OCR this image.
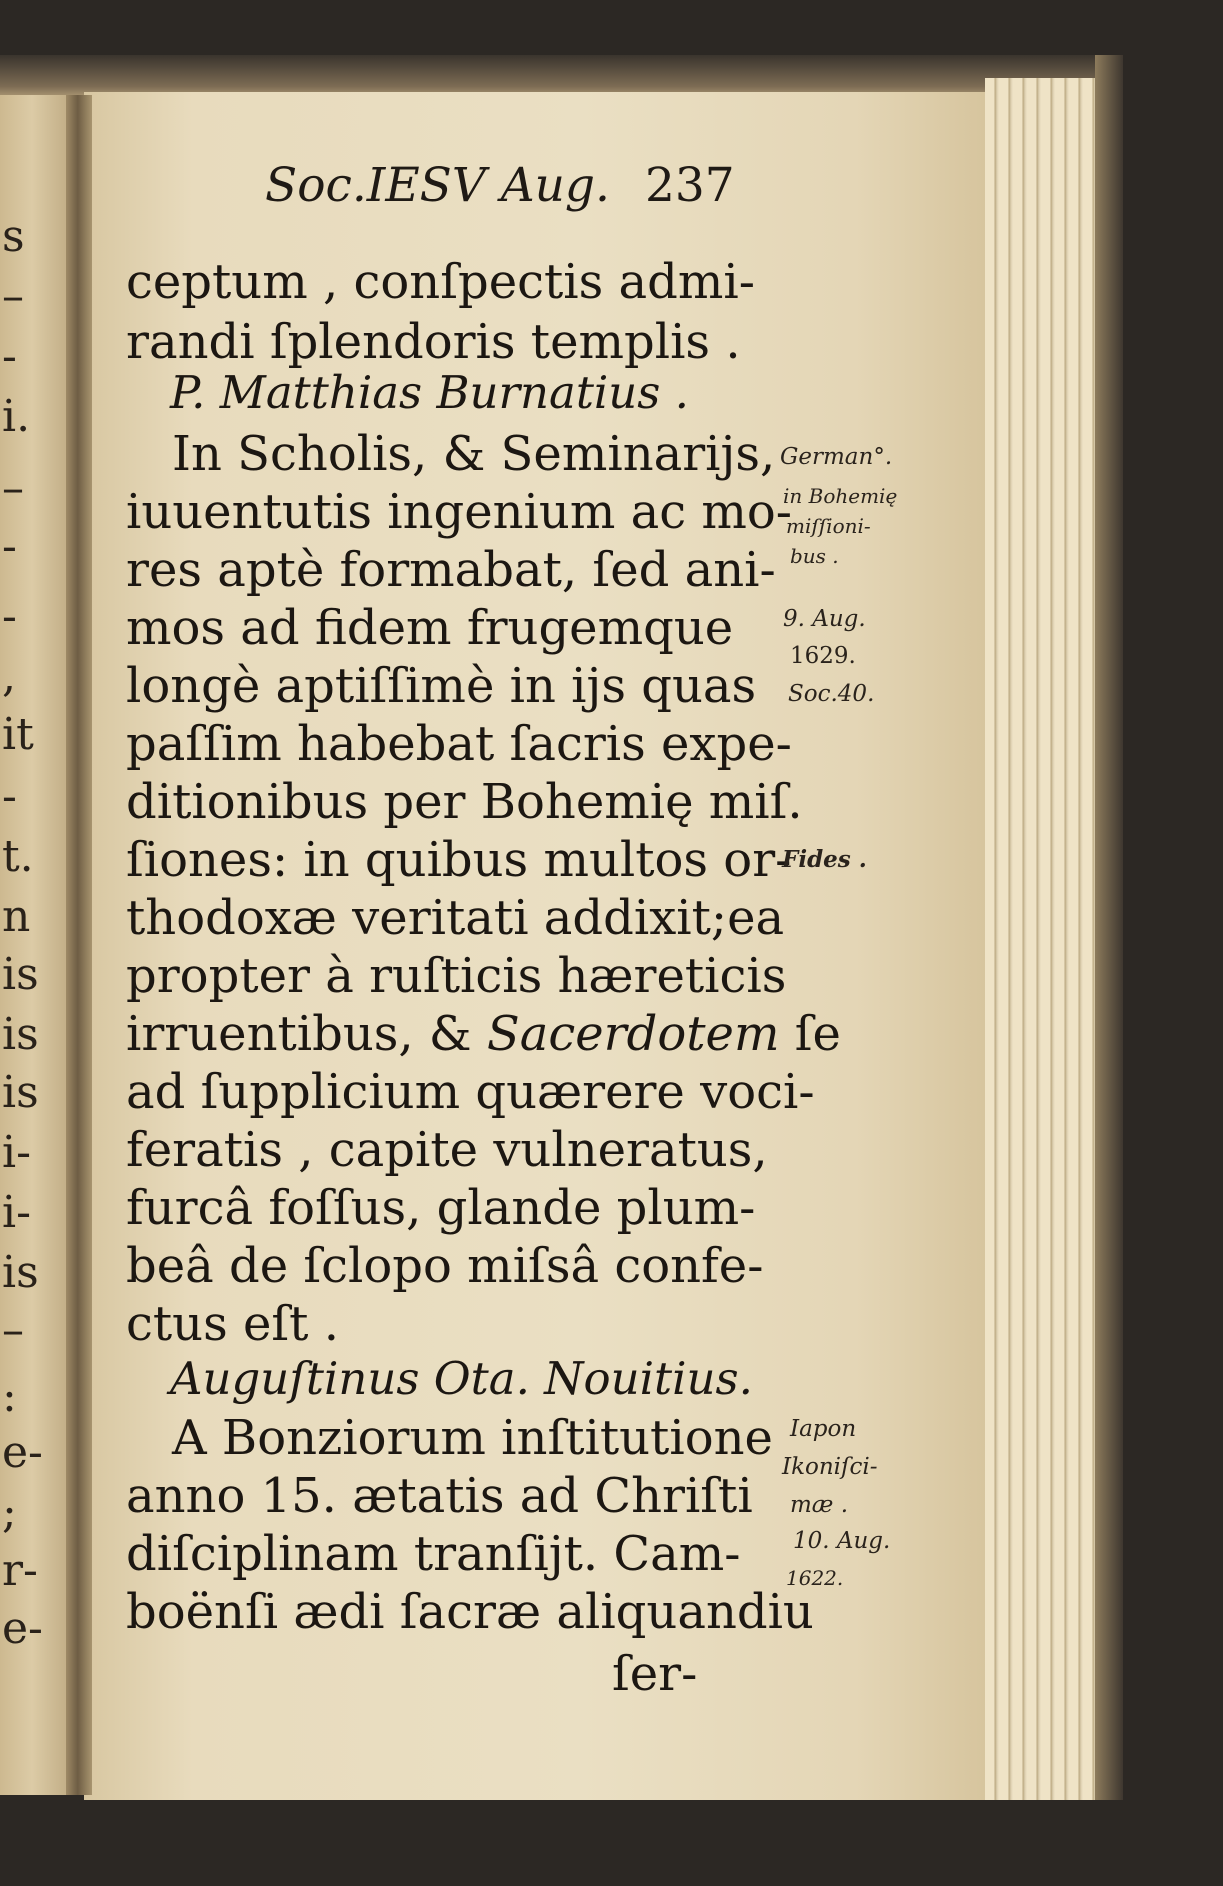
s
–
-
i.
–
-
-
,
it
-
t.
n
is
is
is
i-
i-
is
–
:
e-
;
r-
e-
Soc.IESV Aug. 237
ceptum , conſpectis admi-
randi ſplendoris templis .
P. Matthias Burnatius .
In Scholis, & Seminarijs,
iuuentutis ingenium ac mo-
res aptè formabat, ſed ani-
mos ad fidem frugemque
longè aptiſſimè in ijs quas
paſſim habebat ſacris expe-
ditionibus per Bohemię miſ.
ſiones: in quibus multos or-
thodoxæ veritati addixit;ea
propter à ruſticis hæreticis
irruentibus, & Sacerdotem ſe
ad ſupplicium quærere voci-
feratis , capite vulneratus,
furcâ foſſus, glande plum-
beâ de ſclopo miſsâ confe-
ctus eſt .
Auguſtinus Ota. Nouitius.
A Bonziorum inſtitutione
anno 15. ætatis ad Chriſti
diſciplinam tranſijt. Cam-
boënſi ædi ſacræ aliquandiu
ſer-
German°.
in Bohemię
miſſioni-
bus .
9. Aug.
1629.
Soc.40.
Fides .
Iapon
Ikoniſci-
mæ .
10. Aug.
1622.
